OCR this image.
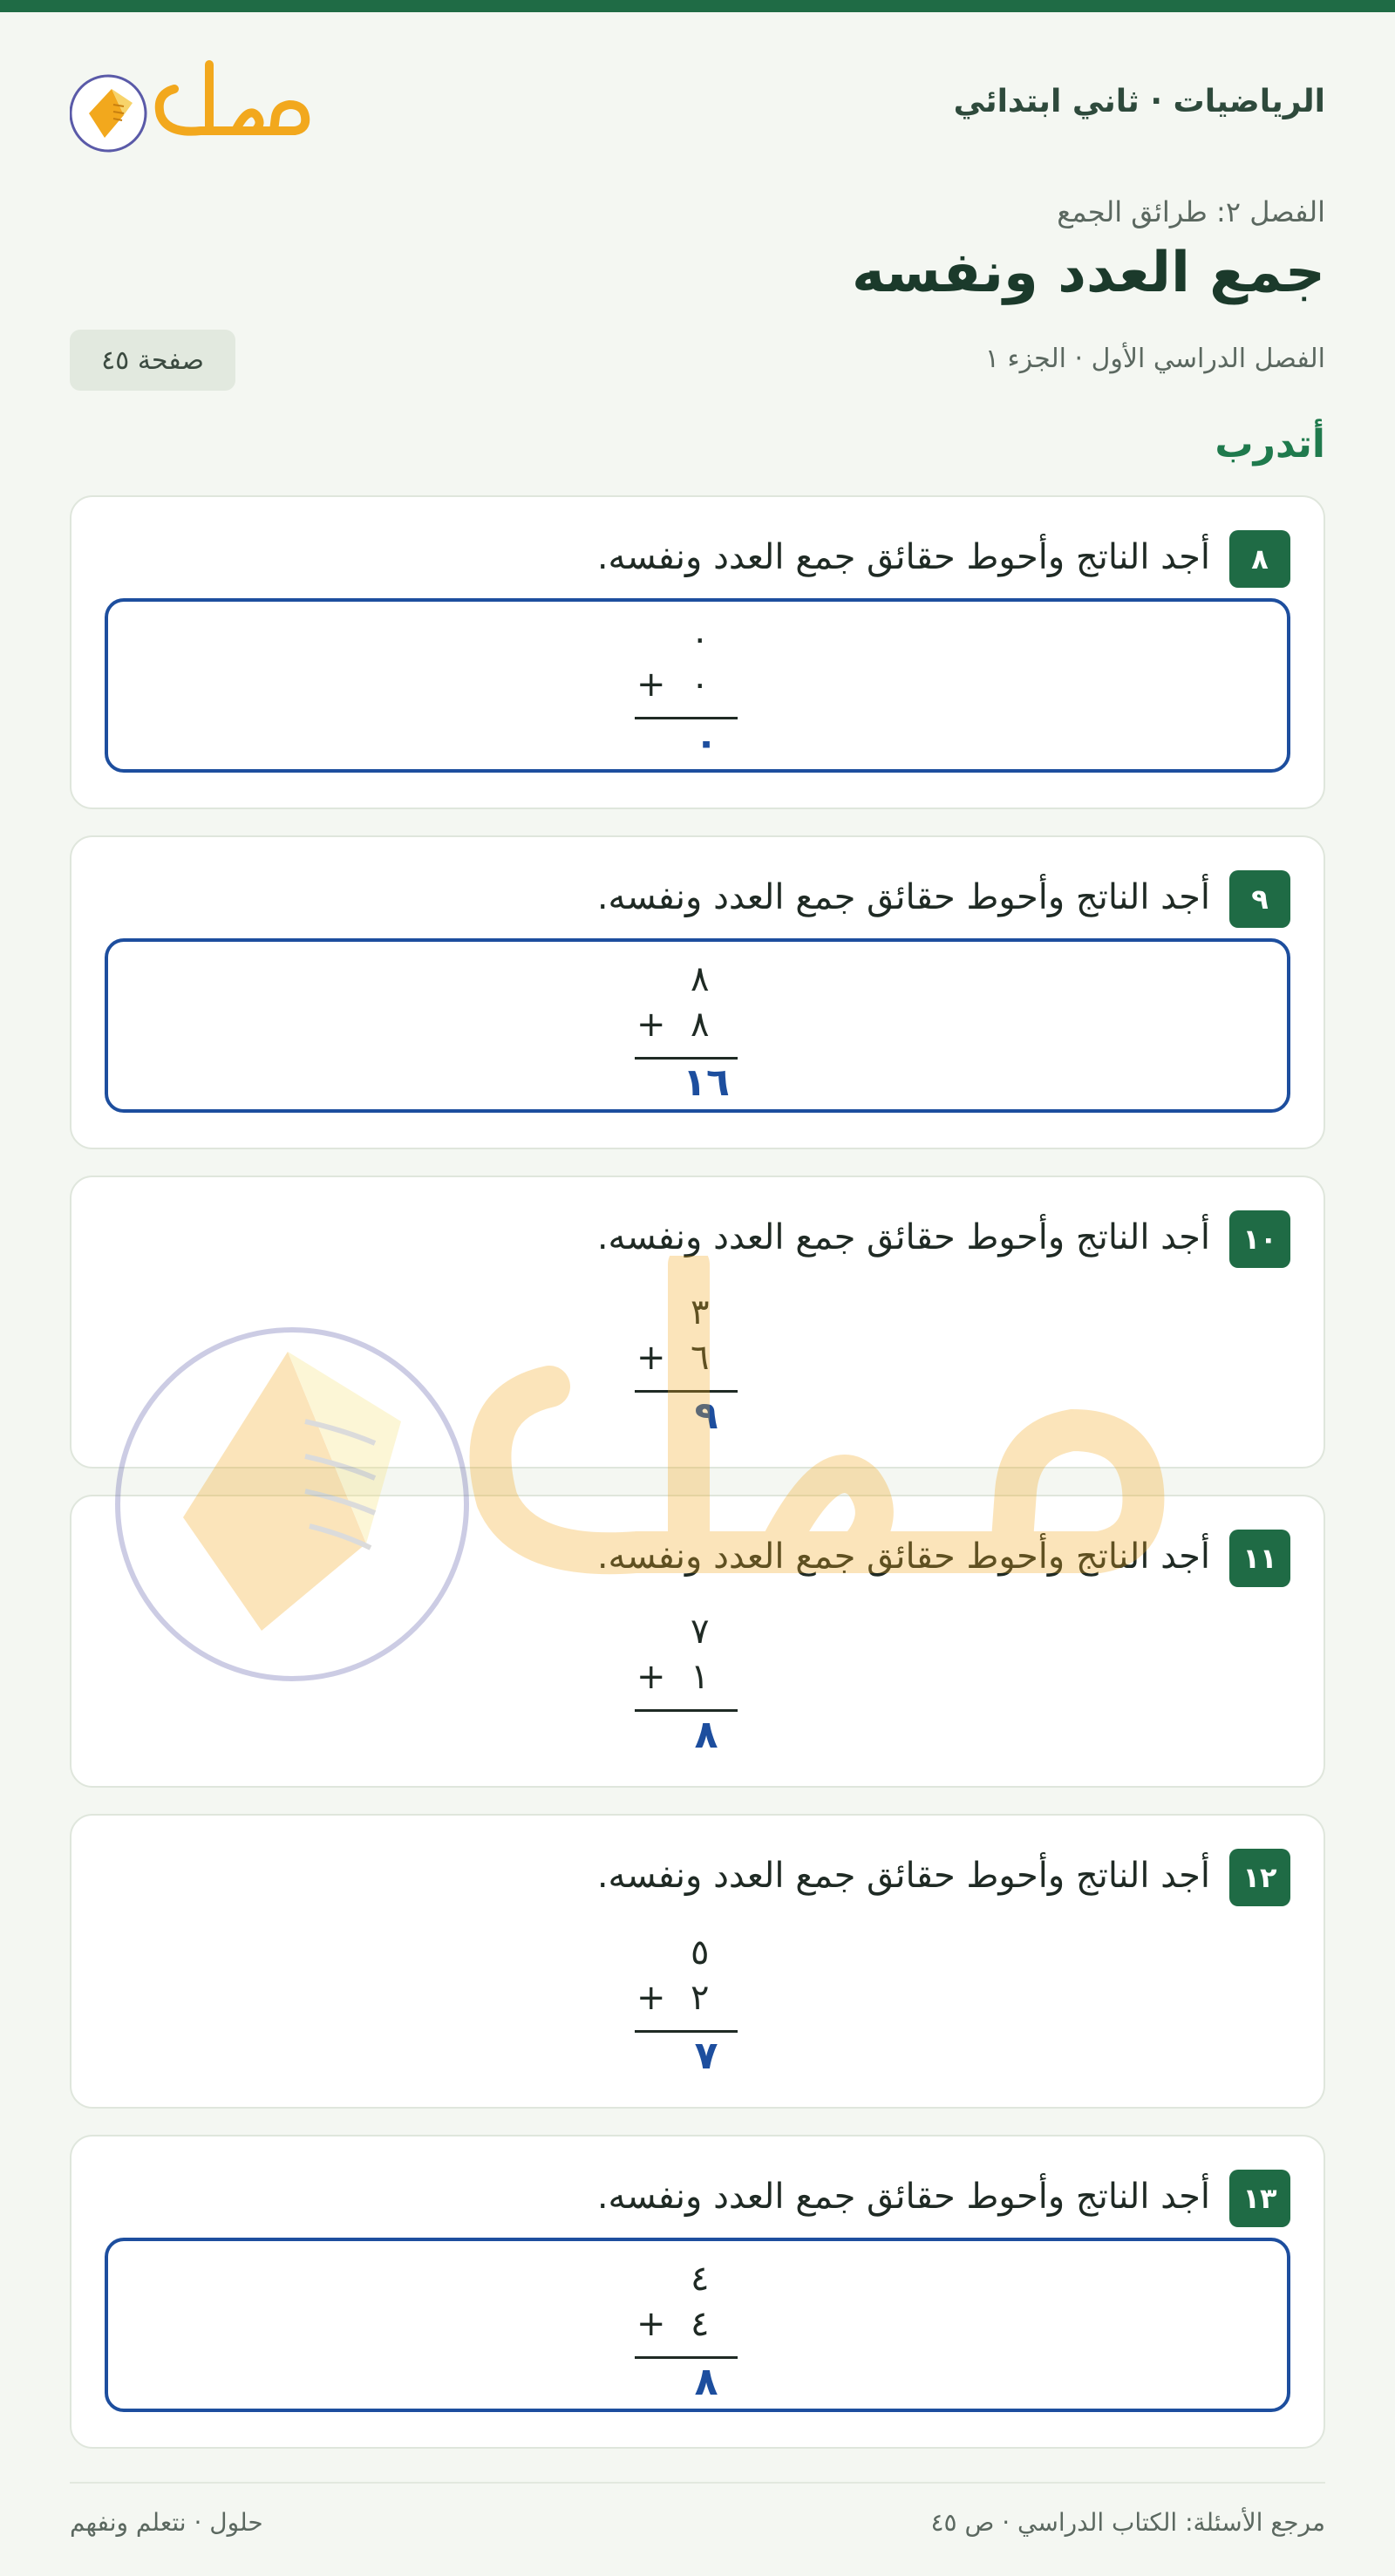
الرياضيات · ثاني ابتدائي
الفصل ٢: طرائق الجمع
جمع العدد ونفسه
الفصل الدراسي الأول · الجزء ١
صفحة ٤٥
أتدرب
٨
أجد الناتج وأحوط حقائق جمع العدد ونفسه.
٠
+ ٠
٠
٩
أجد الناتج وأحوط حقائق جمع العدد ونفسه.
٨
+ ٨
١٦
١٠
أجد الناتج وأحوط حقائق جمع العدد ونفسه.
٣
+ ٦
٩
١١
أجد الناتج وأحوط حقائق جمع العدد ونفسه.
٧
+ ١
٨
١٢
أجد الناتج وأحوط حقائق جمع العدد ونفسه.
٥
+ ٢
٧
١٣
أجد الناتج وأحوط حقائق جمع العدد ونفسه.
٤
+ ٤
٨
مرجع الأسئلة: الكتاب الدراسي · ص ٤٥
حلول · نتعلم ونفهم
